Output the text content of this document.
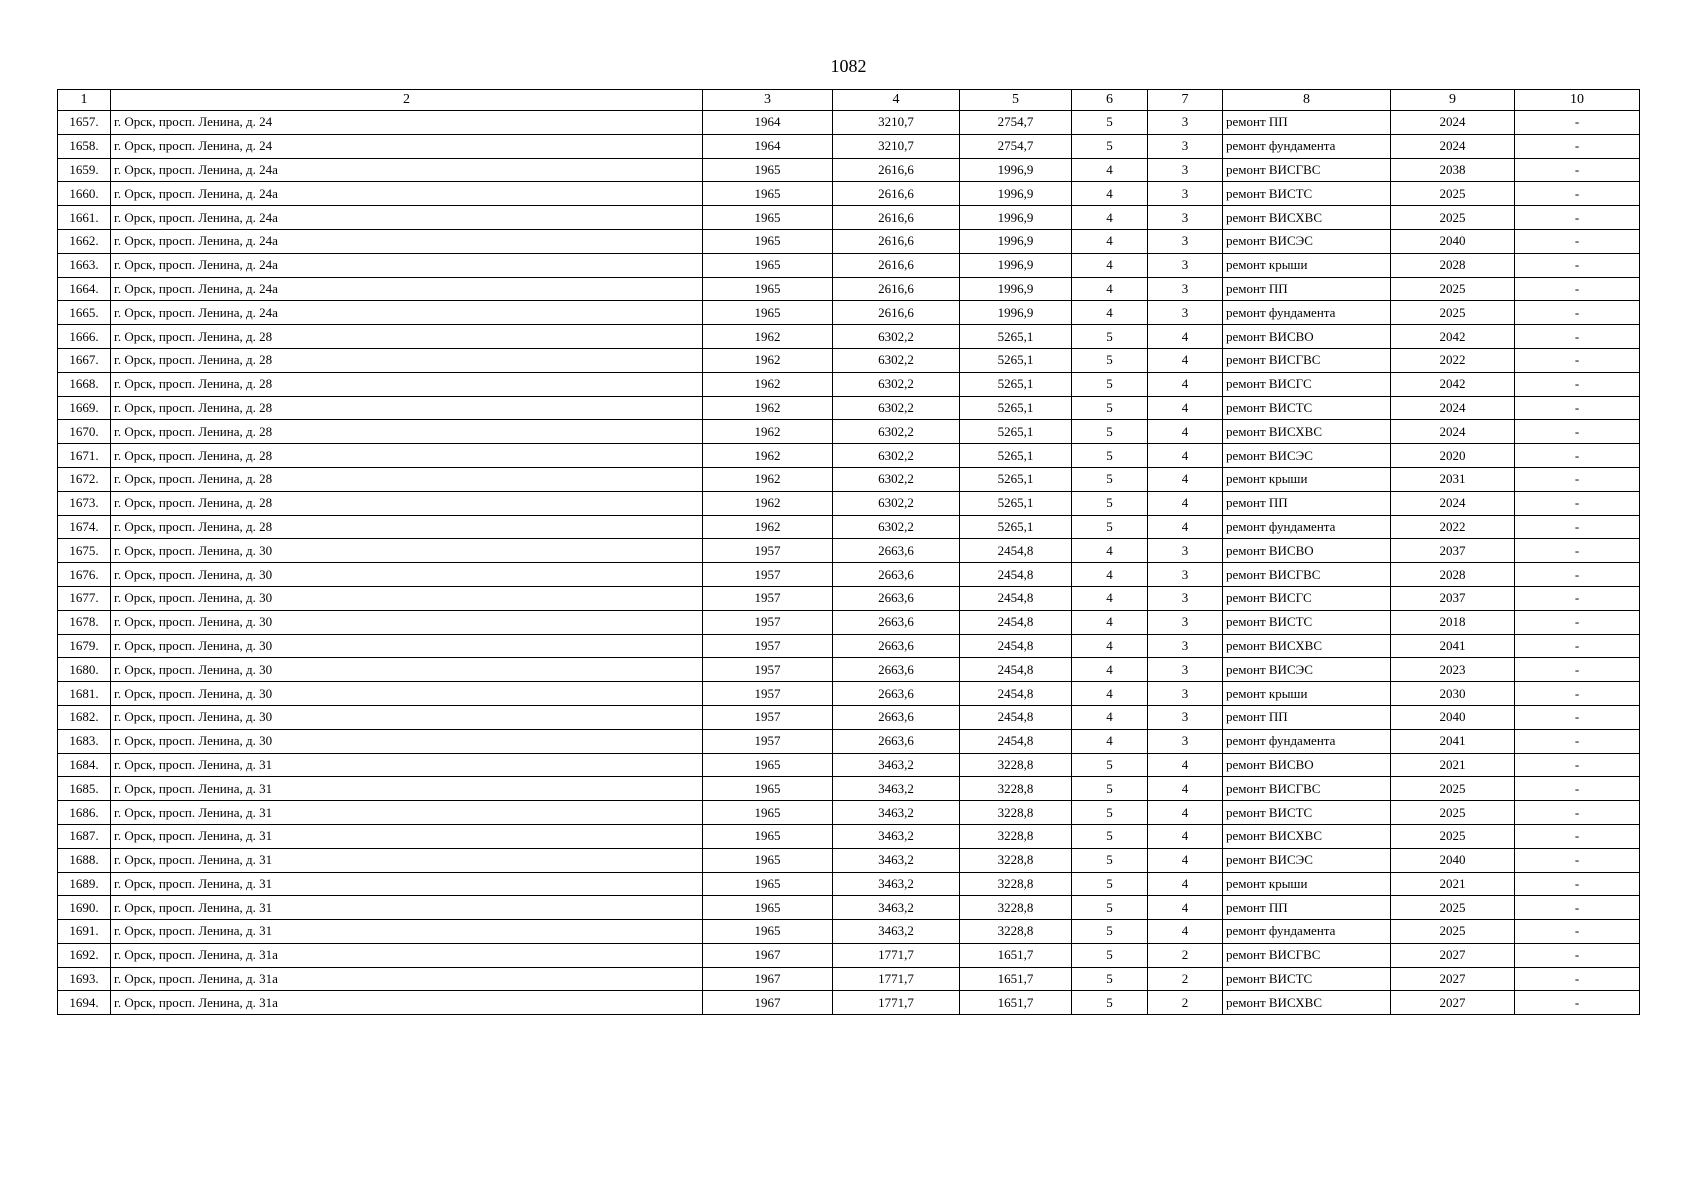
1082
1	2	3	4	5	6	7	8	9	10
1657.	г. Орск, просп. Ленина, д. 24	1964	3210,7	2754,7	5	3	ремонт ПП	2024	-
1658.	г. Орск, просп. Ленина, д. 24	1964	3210,7	2754,7	5	3	ремонт фундамента	2024	-
1659.	г. Орск, просп. Ленина, д. 24а	1965	2616,6	1996,9	4	3	ремонт ВИСГВС	2038	-
1660.	г. Орск, просп. Ленина, д. 24а	1965	2616,6	1996,9	4	3	ремонт ВИСТС	2025	-
1661.	г. Орск, просп. Ленина, д. 24а	1965	2616,6	1996,9	4	3	ремонт ВИСХВС	2025	-
1662.	г. Орск, просп. Ленина, д. 24а	1965	2616,6	1996,9	4	3	ремонт ВИСЭС	2040	-
1663.	г. Орск, просп. Ленина, д. 24а	1965	2616,6	1996,9	4	3	ремонт крыши	2028	-
1664.	г. Орск, просп. Ленина, д. 24а	1965	2616,6	1996,9	4	3	ремонт ПП	2025	-
1665.	г. Орск, просп. Ленина, д. 24а	1965	2616,6	1996,9	4	3	ремонт фундамента	2025	-
1666.	г. Орск, просп. Ленина, д. 28	1962	6302,2	5265,1	5	4	ремонт ВИСВО	2042	-
1667.	г. Орск, просп. Ленина, д. 28	1962	6302,2	5265,1	5	4	ремонт ВИСГВС	2022	-
1668.	г. Орск, просп. Ленина, д. 28	1962	6302,2	5265,1	5	4	ремонт ВИСГС	2042	-
1669.	г. Орск, просп. Ленина, д. 28	1962	6302,2	5265,1	5	4	ремонт ВИСТС	2024	-
1670.	г. Орск, просп. Ленина, д. 28	1962	6302,2	5265,1	5	4	ремонт ВИСХВС	2024	-
1671.	г. Орск, просп. Ленина, д. 28	1962	6302,2	5265,1	5	4	ремонт ВИСЭС	2020	-
1672.	г. Орск, просп. Ленина, д. 28	1962	6302,2	5265,1	5	4	ремонт крыши	2031	-
1673.	г. Орск, просп. Ленина, д. 28	1962	6302,2	5265,1	5	4	ремонт ПП	2024	-
1674.	г. Орск, просп. Ленина, д. 28	1962	6302,2	5265,1	5	4	ремонт фундамента	2022	-
1675.	г. Орск, просп. Ленина, д. 30	1957	2663,6	2454,8	4	3	ремонт ВИСВО	2037	-
1676.	г. Орск, просп. Ленина, д. 30	1957	2663,6	2454,8	4	3	ремонт ВИСГВС	2028	-
1677.	г. Орск, просп. Ленина, д. 30	1957	2663,6	2454,8	4	3	ремонт ВИСГС	2037	-
1678.	г. Орск, просп. Ленина, д. 30	1957	2663,6	2454,8	4	3	ремонт ВИСТС	2018	-
1679.	г. Орск, просп. Ленина, д. 30	1957	2663,6	2454,8	4	3	ремонт ВИСХВС	2041	-
1680.	г. Орск, просп. Ленина, д. 30	1957	2663,6	2454,8	4	3	ремонт ВИСЭС	2023	-
1681.	г. Орск, просп. Ленина, д. 30	1957	2663,6	2454,8	4	3	ремонт крыши	2030	-
1682.	г. Орск, просп. Ленина, д. 30	1957	2663,6	2454,8	4	3	ремонт ПП	2040	-
1683.	г. Орск, просп. Ленина, д. 30	1957	2663,6	2454,8	4	3	ремонт фундамента	2041	-
1684.	г. Орск, просп. Ленина, д. 31	1965	3463,2	3228,8	5	4	ремонт ВИСВО	2021	-
1685.	г. Орск, просп. Ленина, д. 31	1965	3463,2	3228,8	5	4	ремонт ВИСГВС	2025	-
1686.	г. Орск, просп. Ленина, д. 31	1965	3463,2	3228,8	5	4	ремонт ВИСТС	2025	-
1687.	г. Орск, просп. Ленина, д. 31	1965	3463,2	3228,8	5	4	ремонт ВИСХВС	2025	-
1688.	г. Орск, просп. Ленина, д. 31	1965	3463,2	3228,8	5	4	ремонт ВИСЭС	2040	-
1689.	г. Орск, просп. Ленина, д. 31	1965	3463,2	3228,8	5	4	ремонт крыши	2021	-
1690.	г. Орск, просп. Ленина, д. 31	1965	3463,2	3228,8	5	4	ремонт ПП	2025	-
1691.	г. Орск, просп. Ленина, д. 31	1965	3463,2	3228,8	5	4	ремонт фундамента	2025	-
1692.	г. Орск, просп. Ленина, д. 31а	1967	1771,7	1651,7	5	2	ремонт ВИСГВС	2027	-
1693.	г. Орск, просп. Ленина, д. 31а	1967	1771,7	1651,7	5	2	ремонт ВИСТС	2027	-
1694.	г. Орск, просп. Ленина, д. 31а	1967	1771,7	1651,7	5	2	ремонт ВИСХВС	2027	-
